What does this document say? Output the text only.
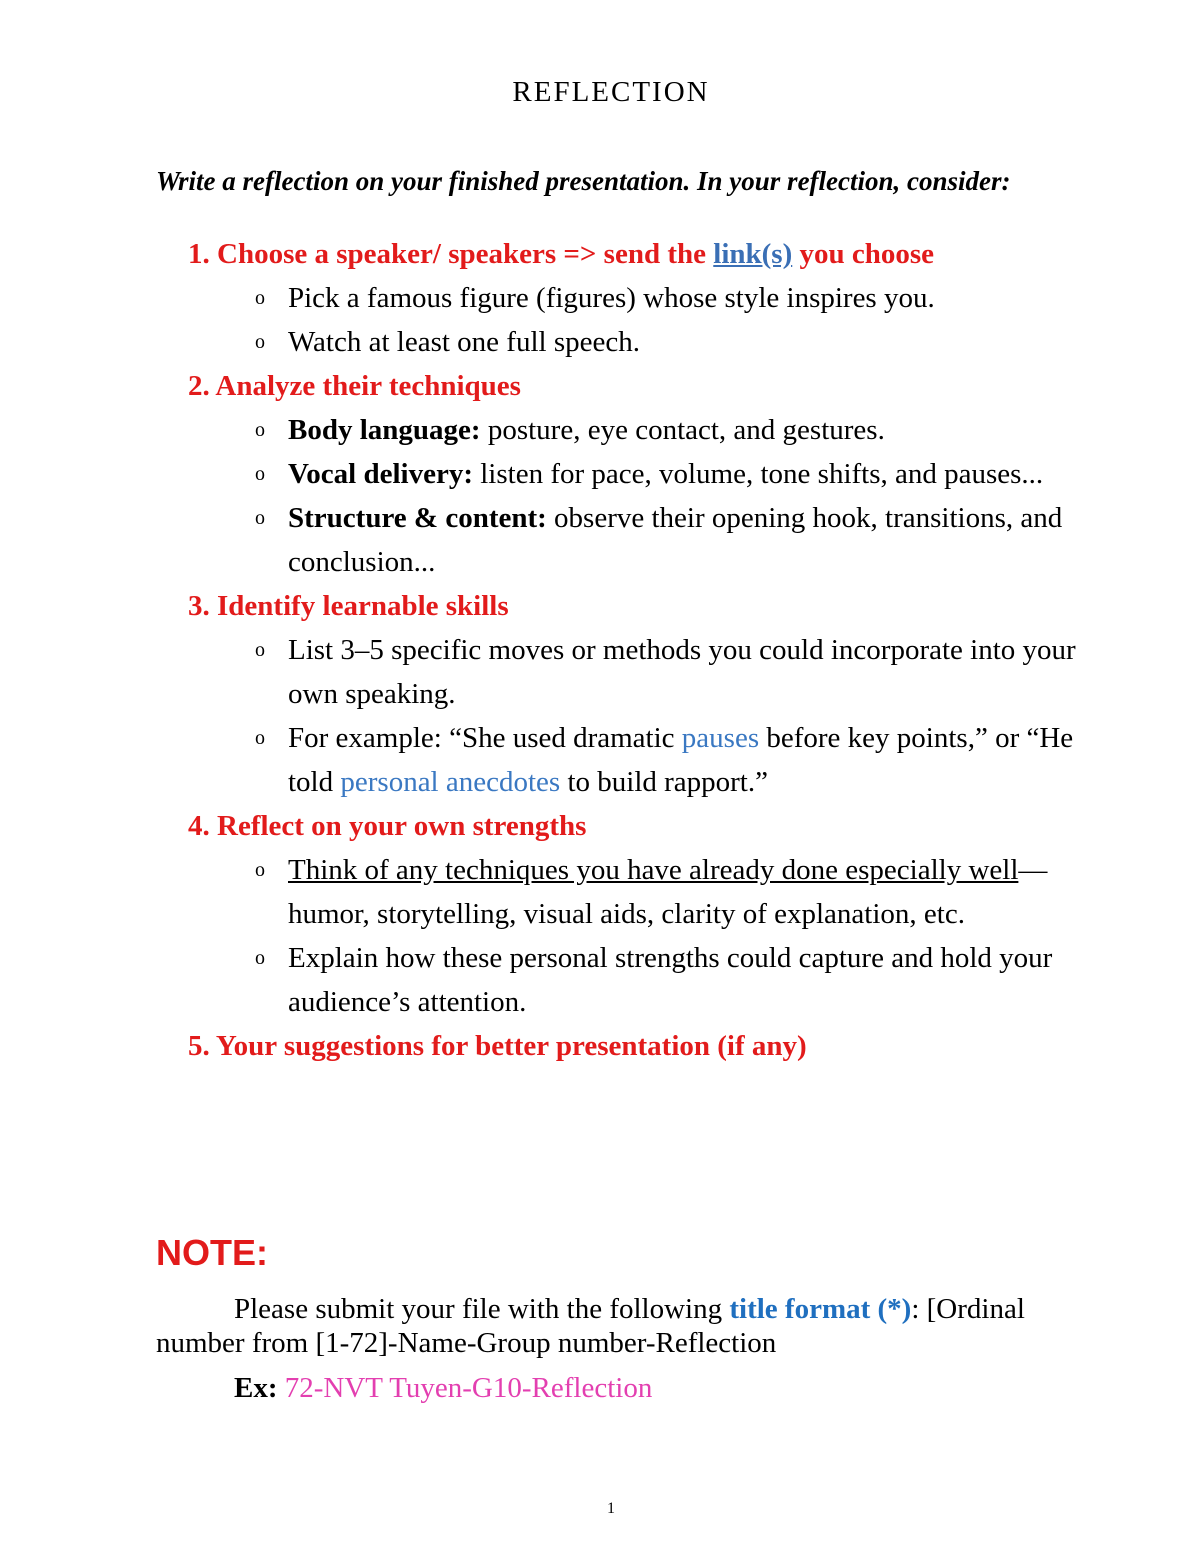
REFLECTION
Write a reflection on your finished presentation. In your reflection, consider:
1. Choose a speaker/ speakers => send the link(s) you choose
o Pick a famous figure (figures) whose style inspires you.
o Watch at least one full speech.
2. Analyze their techniques
o Body language: posture, eye contact, and gestures.
o Vocal delivery: listen for pace, volume, tone shifts, and pauses...
o Structure & content: observe their opening hook, transitions, and conclusion...
3. Identify learnable skills
o List 3–5 specific moves or methods you could incorporate into your own speaking.
o For example: “She used dramatic pauses before key points,” or “He told personal anecdotes to build rapport.”
4. Reflect on your own strengths
o Think of any techniques you have already done especially well—humor, storytelling, visual aids, clarity of explanation, etc.
o Explain how these personal strengths could capture and hold your audience’s attention.
5. Your suggestions for better presentation (if any)
NOTE:
Please submit your file with the following title format (*): [Ordinal number from [1-72]-Name-Group number-Reflection
Ex: 72-NVT Tuyen-G10-Reflection
1
